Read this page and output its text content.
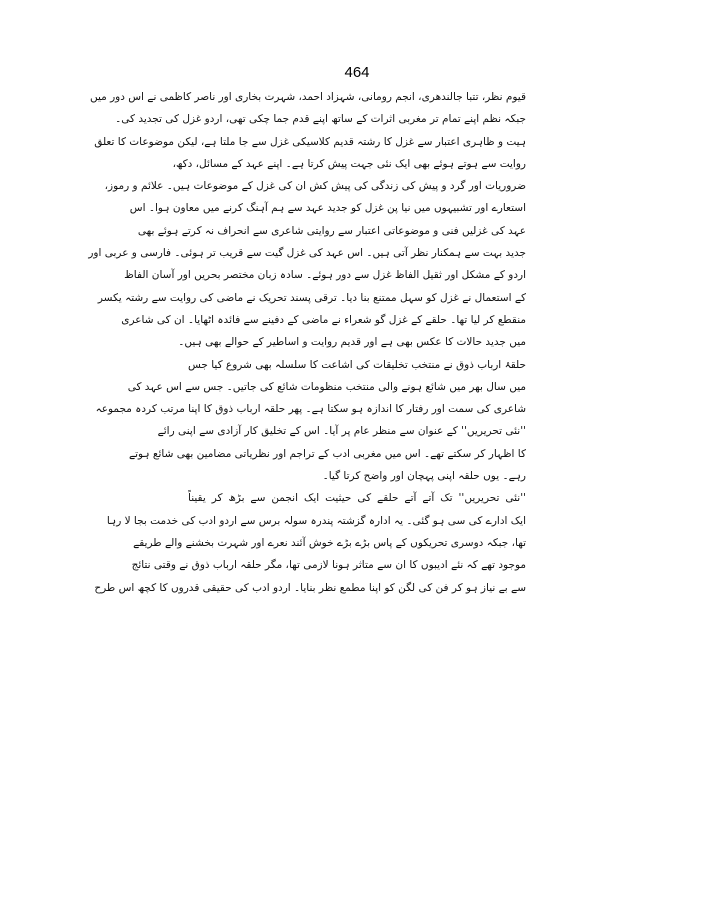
464
قیوم نظر، تتبا جالندھری، انجم رومانی، شہزاد احمد، شہرت بخاری اور ناصر کاظمی نے اس دور میں
جبکہ نظم اپنے تمام تر مغربی اثرات کے ساتھ اپنے قدم جما چکی تھی، اردو غزل کی تجدید کی۔
ہیت و ظاہری اعتبار سے غزل کا رشتہ قدیم کلاسیکی غزل سے جا ملتا ہے، لیکن موضوعات کا تعلق
روایت سے ہوتے ہوئے بھی ایک نئی جہت پیش کرتا ہے۔ اپنے عہد کے مسائل، دکھ،
ضروریات اور گرد و پیش کی زندگی کی پیش کش ان کی غزل کے موضوعات ہیں۔ علائم و رموز،
استعارے اور تشبیہوں میں نیا پن غزل کو جدید عہد سے ہم آہنگ کرنے میں معاون ہوا۔ اس
عہد کی غزلیں فنی و موضوعاتی اعتبار سے روایتی شاعری سے انحراف نہ کرتے ہوئے بھی
جدید بہت سے ہمکنار نظر آتی ہیں۔ اس عہد کی غزل گیت سے قریب تر ہوئی۔ فارسی و عربی اور
اردو کے مشکل اور ثقیل الفاظ غزل سے دور ہوئے۔ سادہ زبان مختصر بحریں اور آسان الفاظ
کے استعمال نے غزل کو سہل ممتنع بنا دیا۔ ترقی پسند تحریک نے ماضی کی روایت سے رشتہ یکسر
منقطع کر لیا تھا۔ حلقے کے غزل گو شعراء نے ماضی کے دفینے سے فائدہ اٹھایا۔ ان کی شاعری
میں جدید حالات کا عکس بھی ہے اور قدیم روایت و اساطیر کے حوالے بھی ہیں۔
حلقۂ ارباب ذوق نے منتخب تخلیقات کی اشاعت کا سلسلہ بھی شروع کیا جس
میں سال بھر میں شائع ہونے والی منتخب منظومات شائع کی جاتیں۔ جس سے اس عہد کی
شاعری کی سمت اور رفتار کا اندازہ ہو سکتا ہے۔ پھر حلقہ ارباب ذوق کا اپنا مرتب کردہ مجموعہ
''نئی تحریریں'' کے عنوان سے منظر عام پر آیا۔ اس کے تخلیق کار آزادی سے اپنی رائے
کا اظہار کر سکتے تھے۔ اس میں مغربی ادب کے تراجم اور نظریاتی مضامین بھی شائع ہوتے
رہے۔ یوں حلقہ اپنی پہچان اور واضح کرتا گیا۔
''نئی تحریریں'' تک آتے آتے حلقے کی حیثیت ایک انجمن سے بڑھ کر یقیناً
ایک ادارے کی سی ہو گئی۔ یہ ادارہ گزشتہ پندرہ سولہ برس سے اردو ادب کی خدمت بجا لا رہا
تھا، جبکہ دوسری تحریکوں کے پاس بڑے بڑے خوش آئند نعرے اور شہرت بخشنے والے طریقے
موجود تھے کہ نئے ادیبوں کا ان سے متاثر ہونا لازمی تھا، مگر حلقہ ارباب ذوق نے وقتی نتائج
سے بے نیاز ہو کر فن کی لگن کو اپنا مطمع نظر بنایا۔ اردو ادب کی حقیقی قدروں کا کچھ اس طرح
